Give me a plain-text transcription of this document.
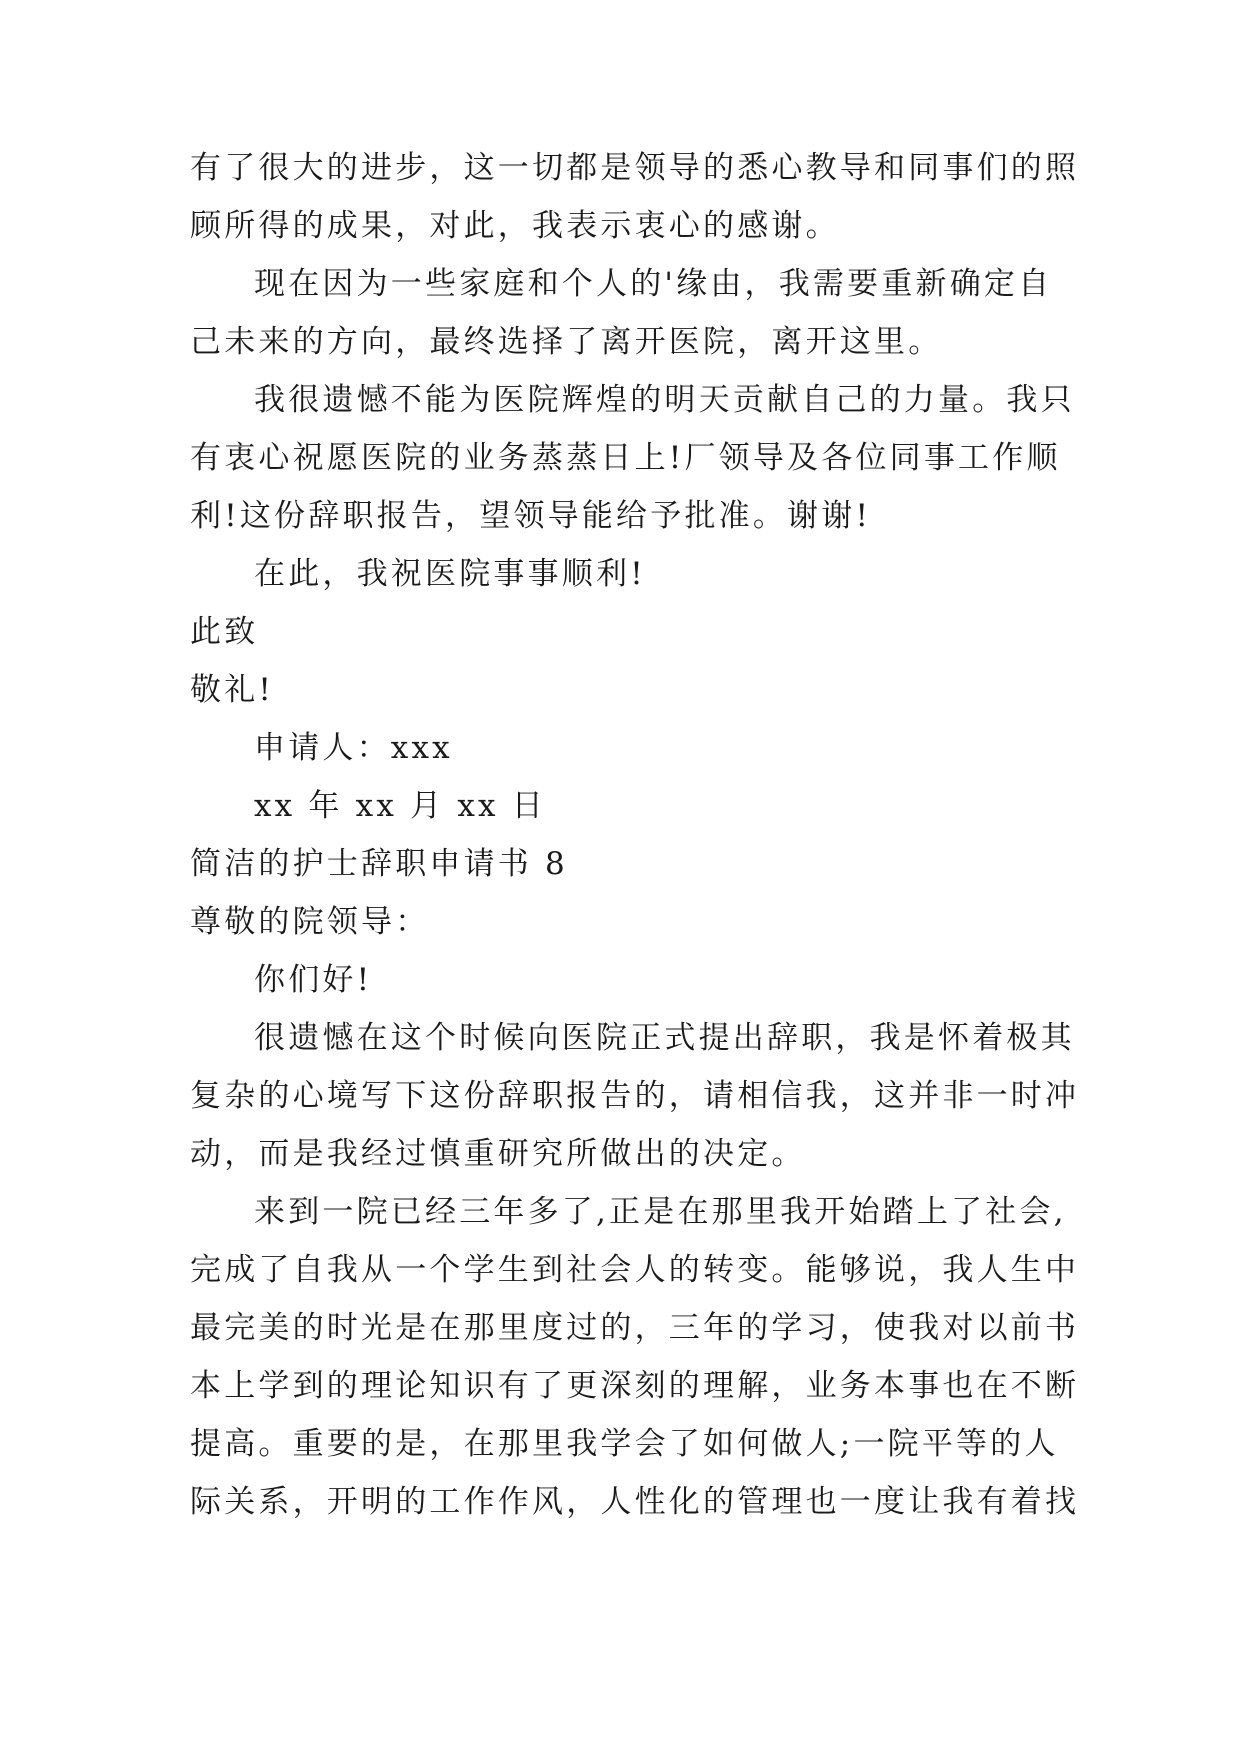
有了很大的进步，这一切都是领导的悉心教导和同事们的照
顾所得的成果，对此，我表示衷心的感谢。
现在因为一些家庭和个人的'缘由，我需要重新确定自
己未来的方向，最终选择了离开医院，离开这里。
我很遗憾不能为医院辉煌的明天贡献自己的力量。我只
有衷心祝愿医院的业务蒸蒸日上!厂领导及各位同事工作顺
利!这份辞职报告，望领导能给予批准。谢谢!
在此，我祝医院事事顺利!
此致
敬礼!
申请人：xxx
xx 年 xx 月 xx 日
简洁的护士辞职申请书 8
尊敬的院领导：
你们好!
很遗憾在这个时候向医院正式提出辞职，我是怀着极其
复杂的心境写下这份辞职报告的，请相信我，这并非一时冲
动，而是我经过慎重研究所做出的决定。
来到一院已经三年多了,正是在那里我开始踏上了社会,
完成了自我从一个学生到社会人的转变。能够说，我人生中
最完美的时光是在那里度过的，三年的学习，使我对以前书
本上学到的理论知识有了更深刻的理解，业务本事也在不断
提高。重要的是，在那里我学会了如何做人;一院平等的人
际关系，开明的工作作风，人性化的管理也一度让我有着找
